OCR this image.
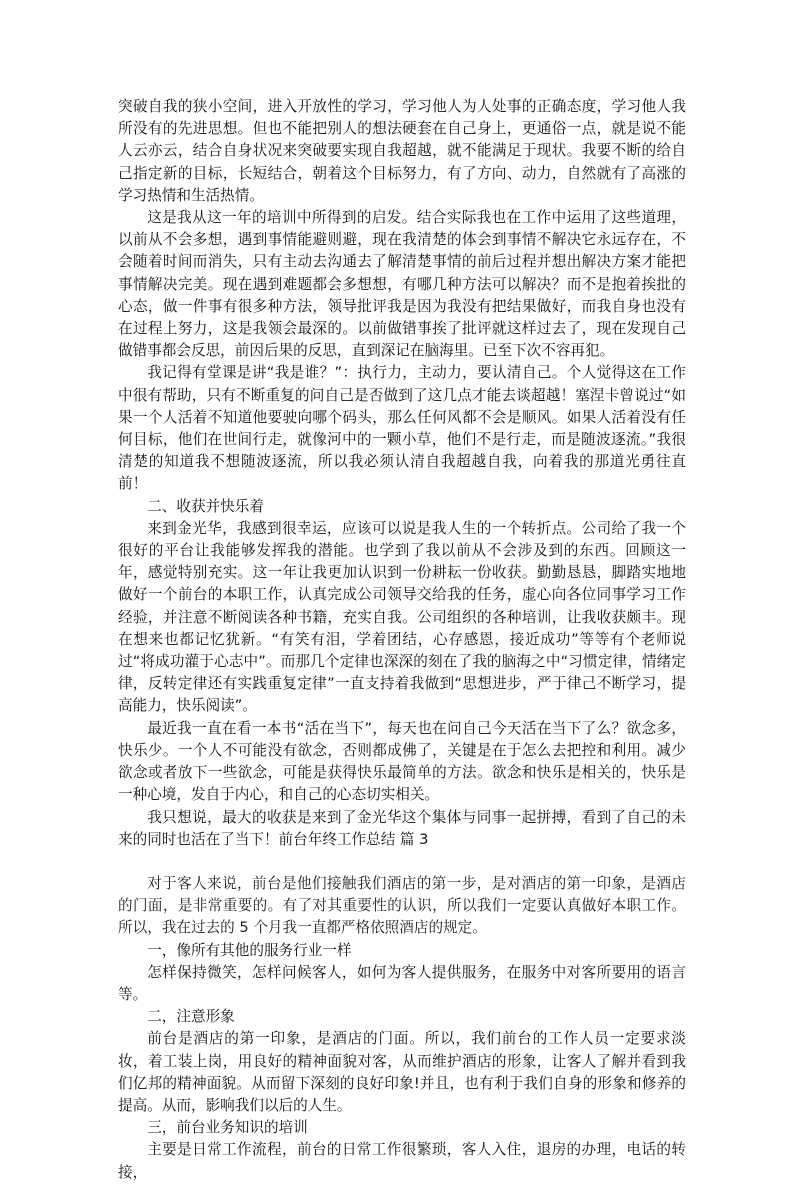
突破自我的狭小空间，进入开放性的学习，学习他人为人处事的正确态度，学习他人我所没有的先进思想。但也不能把别人的想法硬套在自己身上，更通俗一点，就是说不能人云亦云，结合自身状况来突破要实现自我超越，就不能满足于现状。我要不断的给自己指定新的目标，长短结合，朝着这个目标努力，有了方向、动力，自然就有了高涨的学习热情和生活热情。

这是我从这一年的培训中所得到的启发。结合实际我也在工作中运用了这些道理，以前从不会多想，遇到事情能避则避，现在我清楚的体会到事情不解决它永远存在，不会随着时间而消失，只有主动去沟通去了解清楚事情的前后过程并想出解决方案才能把事情解决完美。现在遇到难题都会多想想，有哪几种方法可以解决？而不是抱着挨批的心态，做一件事有很多种方法，领导批评我是因为我没有把结果做好，而我自身也没有在过程上努力，这是我领会最深的。以前做错事挨了批评就这样过去了，现在发现自己做错事都会反思，前因后果的反思，直到深记在脑海里。已至下次不容再犯。

我记得有堂课是讲“我是谁？”：执行力，主动力，要认清自己。个人觉得这在工作中很有帮助，只有不断重复的问自己是否做到了这几点才能去谈超越！塞涅卡曾说过“如果一个人活着不知道他要驶向哪个码头，那么任何风都不会是顺风。如果人活着没有任何目标，他们在世间行走，就像河中的一颗小草，他们不是行走，而是随波逐流。”我很清楚的知道我不想随波逐流，所以我必须认清自我超越自我，向着我的那道光勇往直前！

二、收获并快乐着

来到金光华，我感到很幸运，应该可以说是我人生的一个转折点。公司给了我一个很好的平台让我能够发挥我的潜能。也学到了我以前从不会涉及到的东西。回顾这一年，感觉特别充实。这一年让我更加认识到一份耕耘一份收获。勤勤恳恳，脚踏实地地做好一个前台的本职工作，认真完成公司领导交给我的任务，虚心向各位同事学习工作经验，并注意不断阅读各种书籍，充实自我。公司组织的各种培训，让我收获颇丰。现在想来也都记忆犹新。“有笑有泪，学着团结，心存感恩，接近成功”等等有个老师说过“将成功灌于心志中”。而那几个定律也深深的刻在了我的脑海之中“习惯定律，情绪定律，反转定律还有实践重复定律”一直支持着我做到“思想进步，严于律己不断学习，提高能力，快乐阅读”。

最近我一直在看一本书“活在当下”，每天也在问自己今天活在当下了么？欲念多，快乐少。一个人不可能没有欲念，否则都成佛了，关键是在于怎么去把控和利用。减少欲念或者放下一些欲念，可能是获得快乐最简单的方法。欲念和快乐是相关的，快乐是一种心境，发自于内心，和自己的心态切实相关。

我只想说，最大的收获是来到了金光华这个集体与同事一起拼搏，看到了自己的未来的同时也活在了当下！前台年终工作总结 篇 3

对于客人来说，前台是他们接触我们酒店的第一步，是对酒店的第一印象，是酒店的门面，是非常重要的。有了对其重要性的认识，所以我们一定要认真做好本职工作。 所以，我在过去的 5 个月我一直都严格依照酒店的规定。

一，像所有其他的服务行业一样

怎样保持微笑，怎样问候客人，如何为客人提供服务，在服务中对客所要用的语言等。

二，注意形象

前台是酒店的第一印象，是酒店的门面。所以，我们前台的工作人员一定要求淡妆，着工装上岗，用良好的精神面貌对客，从而维护酒店的形象，让客人了解并看到我们亿邦的精神面貌。从而留下深刻的良好印象!并且，也有利于我们自身的形象和修养的提高。从而，影响我们以后的人生。

三，前台业务知识的培训

主要是日常工作流程，前台的日常工作很繁琐，客人入住，退房的办理，电话的转接，
